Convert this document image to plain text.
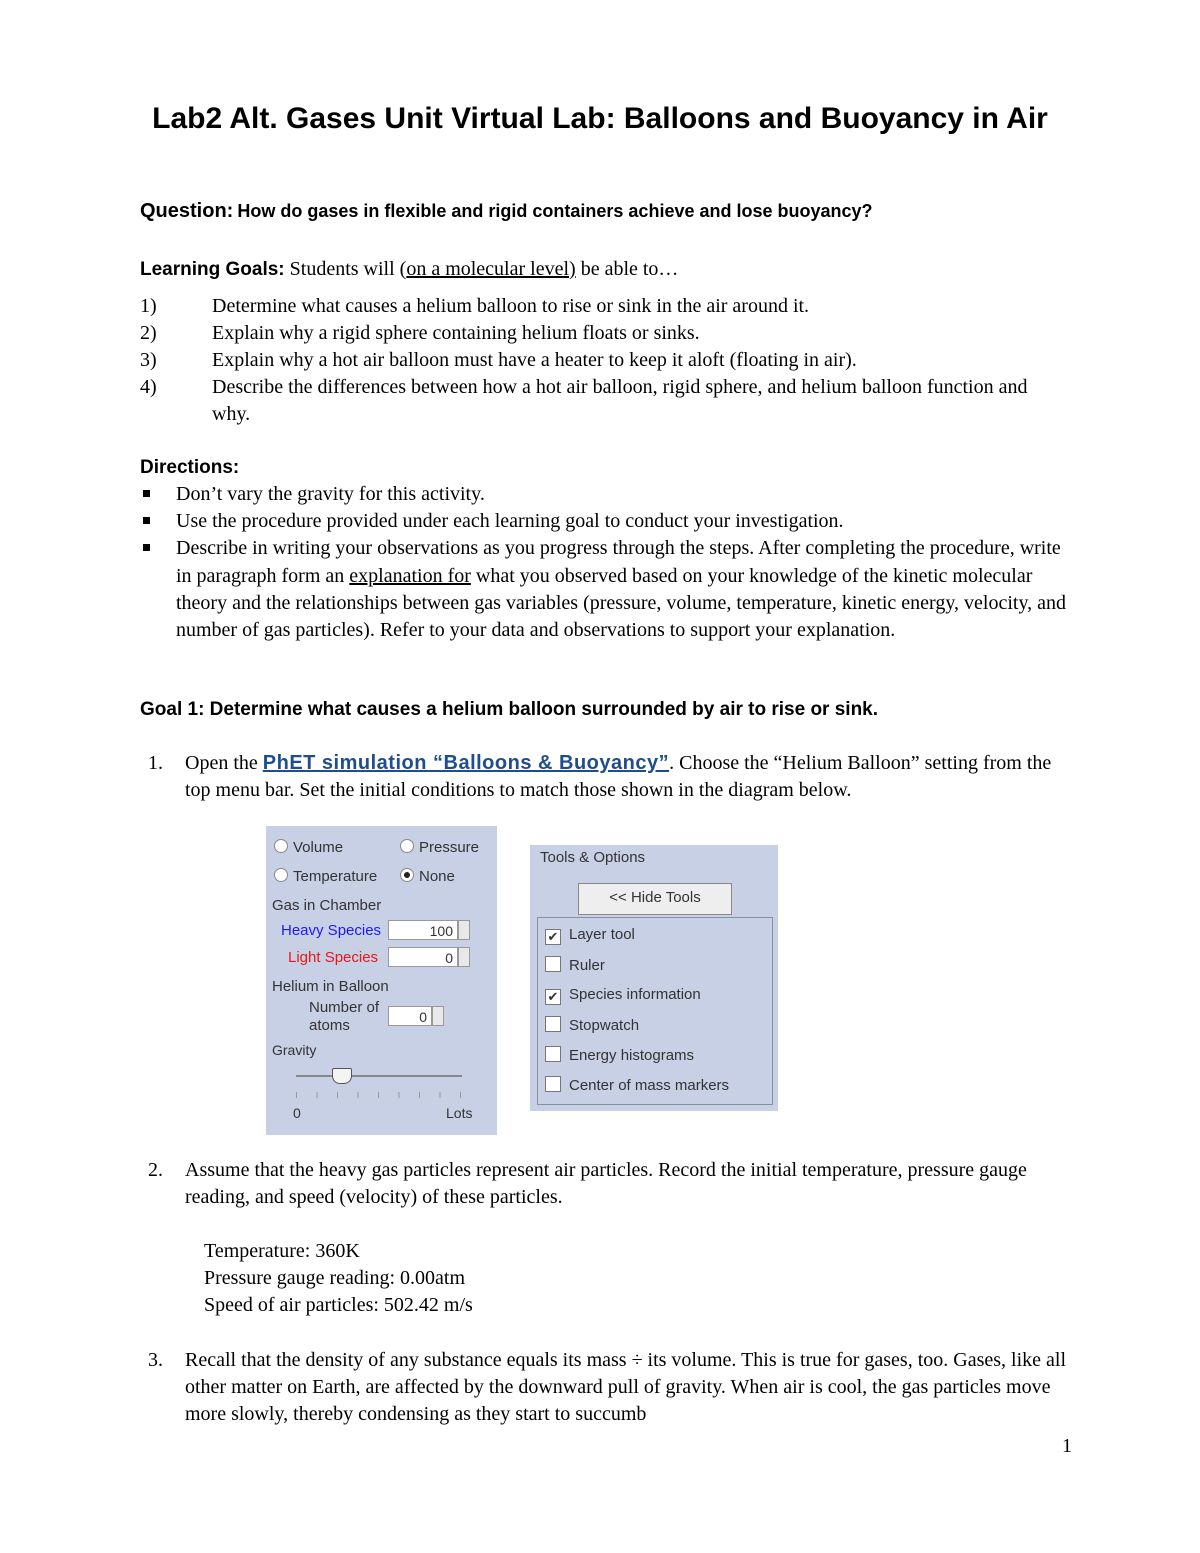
Lab2 Alt. Gases Unit Virtual Lab: Balloons and Buoyancy in Air
Question: How do gases in flexible and rigid containers achieve and lose buoyancy?
Learning Goals: Students will (on a molecular level) be able to…
1)	Determine what causes a helium balloon to rise or sink in the air around it.
2)	Explain why a rigid sphere containing helium floats or sinks.
3)	Explain why a hot air balloon must have a heater to keep it aloft (floating in air).
4)	Describe the differences between how a hot air balloon, rigid sphere, and helium balloon function and why.
Directions:
Don’t vary the gravity for this activity.
Use the procedure provided under each learning goal to conduct your investigation.
Describe in writing your observations as you progress through the steps. After completing the procedure, write in paragraph form an explanation for what you observed based on your knowledge of the kinetic molecular theory and the relationships between gas variables (pressure, volume, temperature, kinetic energy, velocity, and number of gas particles). Refer to your data and observations to support your explanation.
Goal 1: Determine what causes a helium balloon surrounded by air to rise or sink.
1. Open the PhET simulation “Balloons & Buoyancy”. Choose the “Helium Balloon” setting from the top menu bar. Set the initial conditions to match those shown in the diagram below.
Volume	Pressure
Temperature	None
Gas in Chamber
Heavy Species	100
Light Species	0
Helium in Balloon
Number of atoms	0
Gravity
0	Lots
Tools & Options
<< Hide Tools
✔ Layer tool
Ruler
✔ Species information
Stopwatch
Energy histograms
Center of mass markers
2. Assume that the heavy gas particles represent air particles. Record the initial temperature, pressure gauge reading, and speed (velocity) of these particles.
Temperature: 360K
Pressure gauge reading: 0.00atm
Speed of air particles: 502.42 m/s
3. Recall that the density of any substance equals its mass ÷ its volume. This is true for gases, too. Gases, like all other matter on Earth, are affected by the downward pull of gravity. When air is cool, the gas particles move more slowly, thereby condensing as they start to succumb
1
